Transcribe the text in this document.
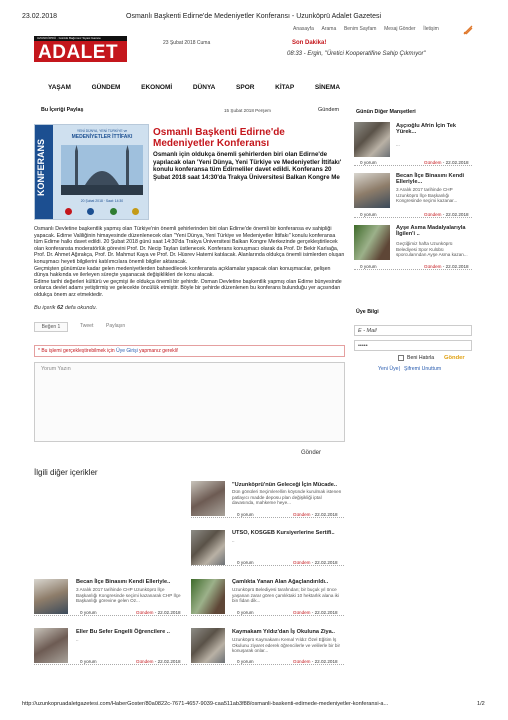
23.02.2018	Osmanlı Başkenti Edirne'de Medeniyetler Konferansı - Uzunköprü Adalet Gazetesi
Anasayfa Arama Benim Sayfam Mesaj Gönder İletişim
UZUNKÖPRÜ · Günlük Bağımsız Siyasi Gazete
ADALET	23 Şubat 2018 Cuma	Son Dakika!
08:33 - Ergin, "Üretici Kooperatifine Sahip Çıkmıyor"
YAŞAM	GÜNDEM	EKONOMİ	DÜNYA	SPOR	KİTAP	SİNEMA
Bu İçeriği Paylaş	15 Şubat 2018 Perşem	Gündem
KONFERANS
YENİ DÜNYA, YENİ TÜRKİYE ve
MEDENİYETLER İTTİFAKI
20 Şubat 2018 · Saat: 14:30
Osmanlı Başkenti Edirne'de Medeniyetler Konferansı
Osmanlı için oldukça önemli şehirlerden biri olan Edirne'de yapılacak olan 'Yeni Dünya, Yeni Türkiye ve Medeniyetler İttifakı' konulu konferansa tüm Edirneliler davet edildi. Konferans 20 Şubat 2018 saat 14:30'da Trakya Üniversitesi Balkan Kongre Me

Osmanlı Devletine başkentlik yapmış olan Türkiye'nin önemli şehirlerinden biri olan Edirne'de önemli bir konferansa ev sahipliği yapacak. Edirne Valiliğinin himayesinde düzenlenecek olan "Yeni Dünya, Yeni Türkiye ve Medeniyetler İttifakı" konulu konferansa tüm Edirne halkı davet edildi. 20 Şubat 2018 günü saat 14:30'da Trakya Üniversitesi Balkan Kongre Merkezinde gerçekleştirilecek olan konferansta moderatörlük görevini Prof. Dr. Necip Taylan üstlenecek. Konferans konuşmacı olarak da Prof. Dr Bekir Karlıağa, Prof. Dr. Ahmet Ağırakça, Prof. Dr. Mahmut Kaya ve Prof. Dr. Hüsrev Hatemi katılacak. Alanlarında oldukça önemli isimlerden oluşan konuşmacı heyeti bilgilerini katılımcılara önemli bilgiler aktaracak.

Geçmişten günümüze kadar gelen medeniyetlerden bahsedilecek konferansta açıklamalar yapacak olan konuşmacılar, gelişen dünya hakkında ve ilerleyen süreçte yaşanacak değişiklikleri de konu alacak.

Edirne tarihi değerleri kültürü ve geçmişi ile oldukça önemli bir şehirdir. Osman Devletine başkentlik yapmış olan Edirne bünyesinde onlarca devlet adamı yetiştirmiş ve gelecekte öncülük etmiştir. Böyle bir şehirde düzenlenen bu konferans bulunduğu yer açısından oldukça önem arz etmektedir.

Bu içerik 62 defa okundu.
Beğen 1	Tweet	Paylaşın
* Bu işlemi gerçekleştirebilmek için Üye Girişi yapmanız gerekli!
Yorum Yazın
Gönder
Günün Diğer Manşetleri
Aşçıoğlu Afrin İçin Tek Yürek...
...
0 yorum	Gündem - 22.02.2018
Becan İlçe Binasını Kendi Elleriyle...
3 Aralık 2017 tarihinde CHP Uzunköprü İlçe Başkanlığı Kongresinde seçimi kazanar...
0 yorum	Gündem - 22.02.2018
Ayşe Asma Madalyalarıyla İlgilen'i ..
Geçtiğimiz hafta Uzunköprü Belediyesi Spor Kulübü sporcularından Ayşe Asma kazan...
0 yorum	Gündem - 22.02.2018
Üye Bilgi
E - Mail
•••••
Beni Hatırla Gönder
Yeni Üye | Şifremi Unuttum
İlgili diğer içerikler
"Uzunköprü'nün Geleceği İçin Mücade..
Dün gönüleri Seçimlerellim köyünde kurulmak istenen patlayıcı madde deposu plan değişikliği iptal davasında, mahkeme heye...
0 yorum	Gündem - 22.02.2018
UTSO, KOSGEB Kursiyerlerine Sertifi..
..
0 yorum	Gündem - 22.02.2018
Becan İlçe Binasını Kendi Elleriyle..
3 Aralık 2017 tarihinde CHP Uzunköprü İlçe Başkanlığı Kongresinde seçimi kazanarak CHP İlçe Başkanlığı görevine gelen Oz...
0 yorum	Gündem - 22.02.2018
Çamlıkta Yanan Alan Ağaçlandırıldı..
Uzunköprü Belediyesi tarafından; bir buçuk yıl önce yaşanan zarar gören çamlıktaki 10 hektarlık alana iki bin fidan dik...
0 yorum	Gündem - 22.02.2018
Eller Bu Sefer Engelli Öğrencilere ..
..
0 yorum	Gündem - 22.02.2018
Kaymakam Yıldız'dan İş Okuluna Ziya..
Uzunköprü Kaymakamı Kemal Yıldız Özel Eğitim İş Okulunu ziyaret ederek öğrencilerle ve velilerle bir bir konuşarak onlar...
0 yorum	Gündem - 22.02.2018
http://uzunkopruadaletgazetesi.com/HaberGoster/80a0822c-7671-4657-9039-caa511ab3f88/osmanli-baskenti-edirnede-medeniyetler-konferansi-a...	1/2
